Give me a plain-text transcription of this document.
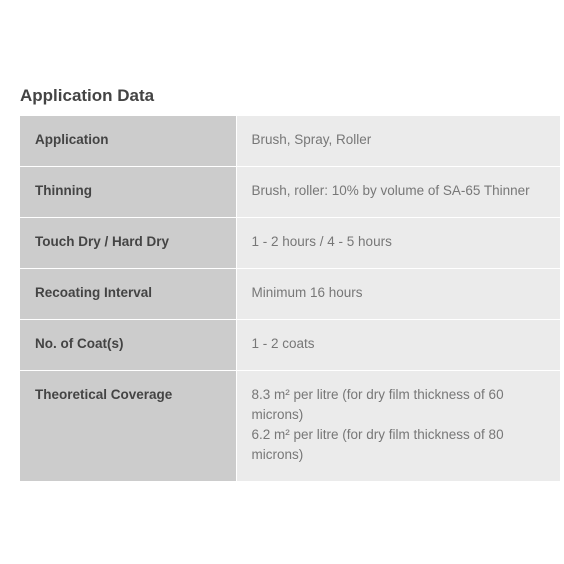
Application Data
Application	Brush, Spray, Roller

Thinning	Brush, roller: 10% by volume of SA-65 Thinner

Touch Dry / Hard Dry	1 - 2 hours / 4 - 5 hours

Recoating Interval	Minimum 16 hours

No. of Coat(s)	1 - 2 coats

Theoretical Coverage	8.3 m² per litre (for dry film thickness of 60 microns)
6.2 m² per litre (for dry film thickness of 80 microns)
